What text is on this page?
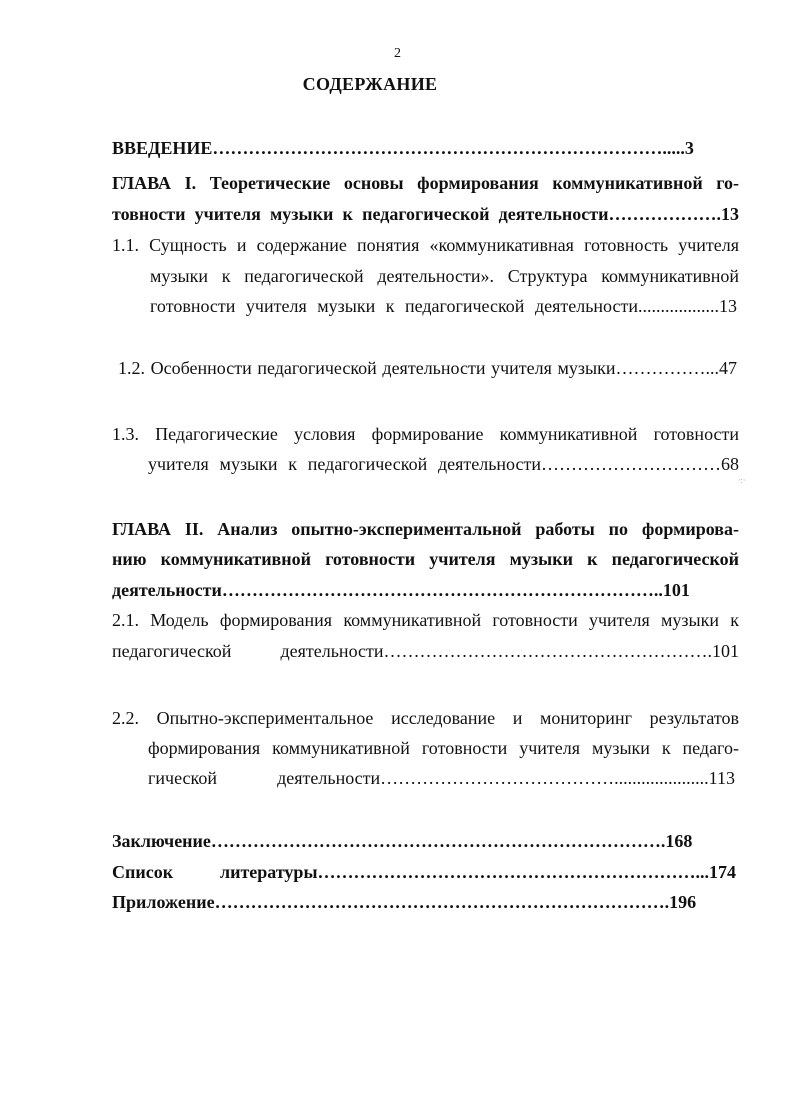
2
СОДЕРЖАНИЕ
ВВЕДЕНИЕ………………………………………………………………….....3
ГЛАВА I. Теоретические основы формирования коммуникативной го-
товности учителя музыки к педагогической деятельности……………….13
1.1. Сущность и содержание понятия «коммуникативная готовность учителя
музыки к педагогической деятельности». Структура коммуникативной
готовности учителя музыки к педагогической деятельности..................13
1.2. Особенности педагогической деятельности учителя музыки……………...47
1.3. Педагогические условия формирование коммуникативной готовности
учителя музыки к педагогической деятельности…………………………68
·:·
ГЛАВА II. Анализ опытно-экспериментальной работы по формирова-
нию коммуникативной готовности учителя музыки к педагогической
деятельности………………………………………………………………..101
2.1. Модель формирования коммуникативной готовности учителя музыки к
педагогической деятельности……………………………………………….101
2.2. Опытно-экспериментальное исследование и мониторинг результатов
формирования коммуникативной готовности учителя музыки к педаго-
гической деятельности………………………………….....................113
Заключение………………………………………………………………….168
Список литературы………………………………………………………...174
Приложение………………………………………………………………….196
